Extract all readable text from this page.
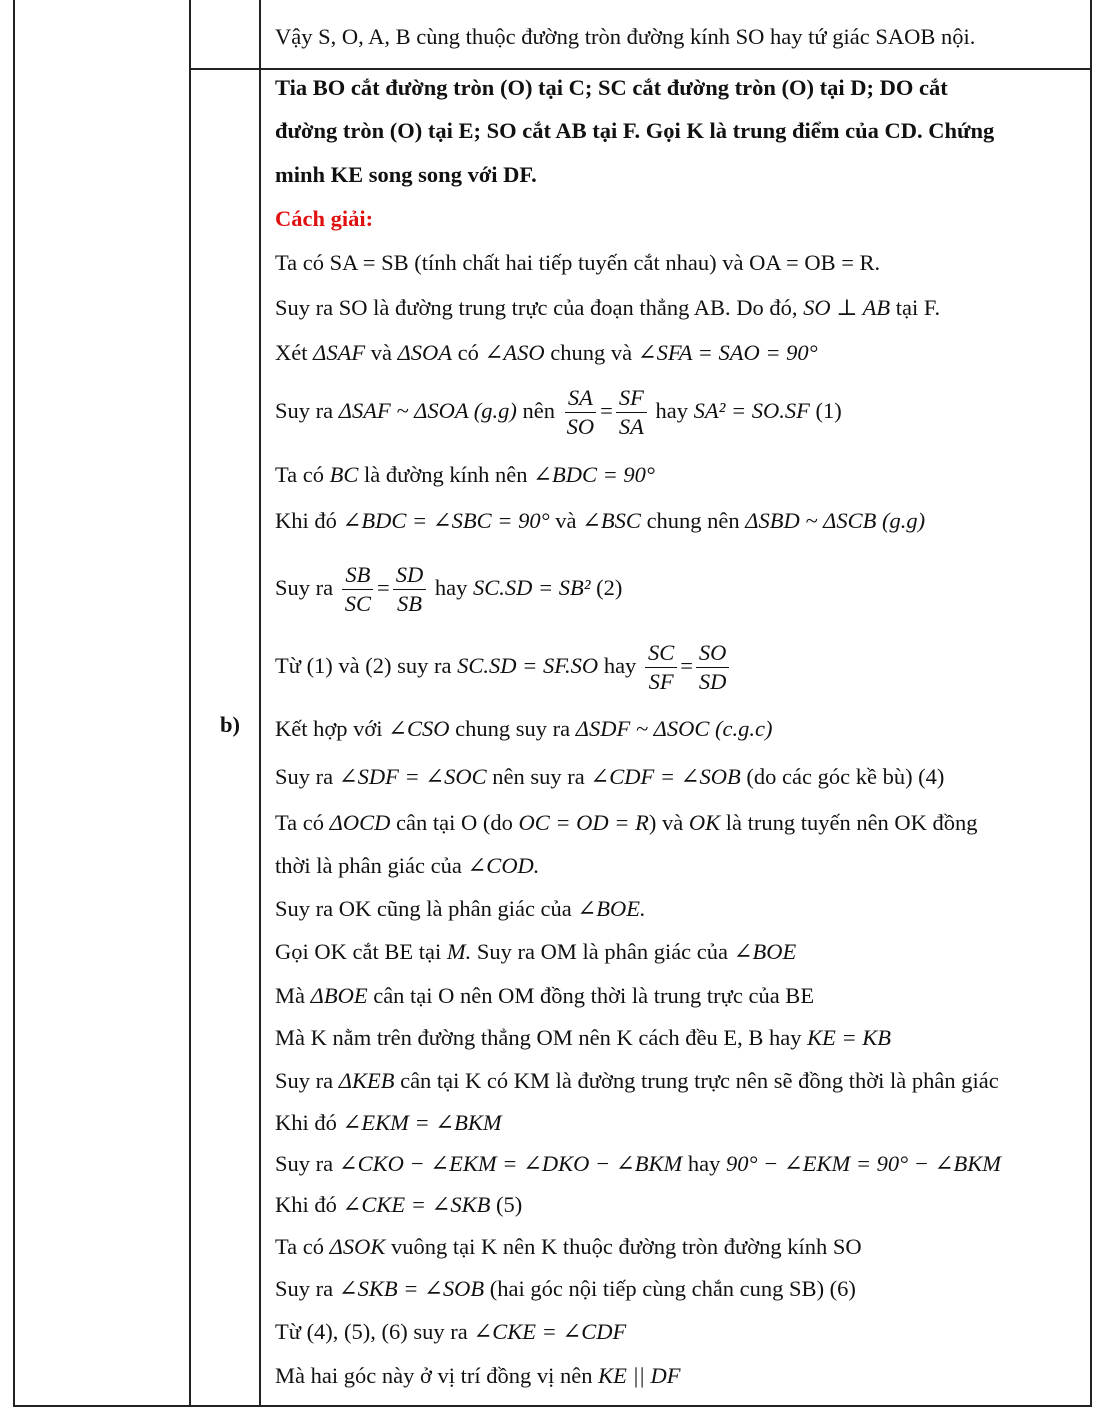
b)
Vậy S, O, A, B cùng thuộc đường tròn đường kính SO hay tứ giác SAOB nội.
Tia BO cắt đường tròn (O) tại C; SC cắt đường tròn (O) tại D; DO cắt
đường tròn (O) tại E; SO cắt AB tại F. Gọi K là trung điểm của CD. Chứng
minh KE song song với DF.
Cách giải:
Ta có SA = SB (tính chất hai tiếp tuyến cắt nhau) và OA = OB = R.
Suy ra SO là đường trung trực của đoạn thẳng AB. Do đó, SO ⊥ AB tại F.
Xét ΔSAF và ΔSOA có ∠ASO chung và ∠SFA = SAO = 90°
Suy ra ΔSAF ~ ΔSOA (g.g) nên $\frac{SA}{SO} = \frac{SF}{SA}$ hay SA² = SO.SF (1)
Ta có BC là đường kính nên ∠BDC = 90°
Khi đó ∠BDC = ∠SBC = 90° và ∠BSC chung nên ΔSBD ~ ΔSCB (g.g)
Suy ra $\frac{SB}{SC} = \frac{SD}{SB}$ hay SC.SD = SB² (2)
Từ (1) và (2) suy ra SC.SD = SF.SO hay $\frac{SC}{SF} = \frac{SO}{SD}$
Kết hợp với ∠CSO chung suy ra ΔSDF ~ ΔSOC (c.g.c)
Suy ra ∠SDF = ∠SOC nên suy ra ∠CDF = ∠SOB (do các góc kề bù) (4)
Ta có ΔOCD cân tại O (do OC = OD = R) và OK là trung tuyến nên OK đồng
thời là phân giác của ∠COD.
Suy ra OK cũng là phân giác của ∠BOE.
Gọi OK cắt BE tại M. Suy ra OM là phân giác của ∠BOE
Mà ΔBOE cân tại O nên OM đồng thời là trung trực của BE
Mà K nằm trên đường thẳng OM nên K cách đều E, B hay KE = KB
Suy ra ΔKEB cân tại K có KM là đường trung trực nên sẽ đồng thời là phân giác
Khi đó ∠EKM = ∠BKM
Suy ra ∠CKO − ∠EKM = ∠DKO − ∠BKM hay 90° − ∠EKM = 90° − ∠BKM
Khi đó ∠CKE = ∠SKB (5)
Ta có ΔSOK vuông tại K nên K thuộc đường tròn đường kính SO
Suy ra ∠SKB = ∠SOB (hai góc nội tiếp cùng chắn cung SB) (6)
Từ (4), (5), (6) suy ra ∠CKE = ∠CDF
Mà hai góc này ở vị trí đồng vị nên KE || DF
